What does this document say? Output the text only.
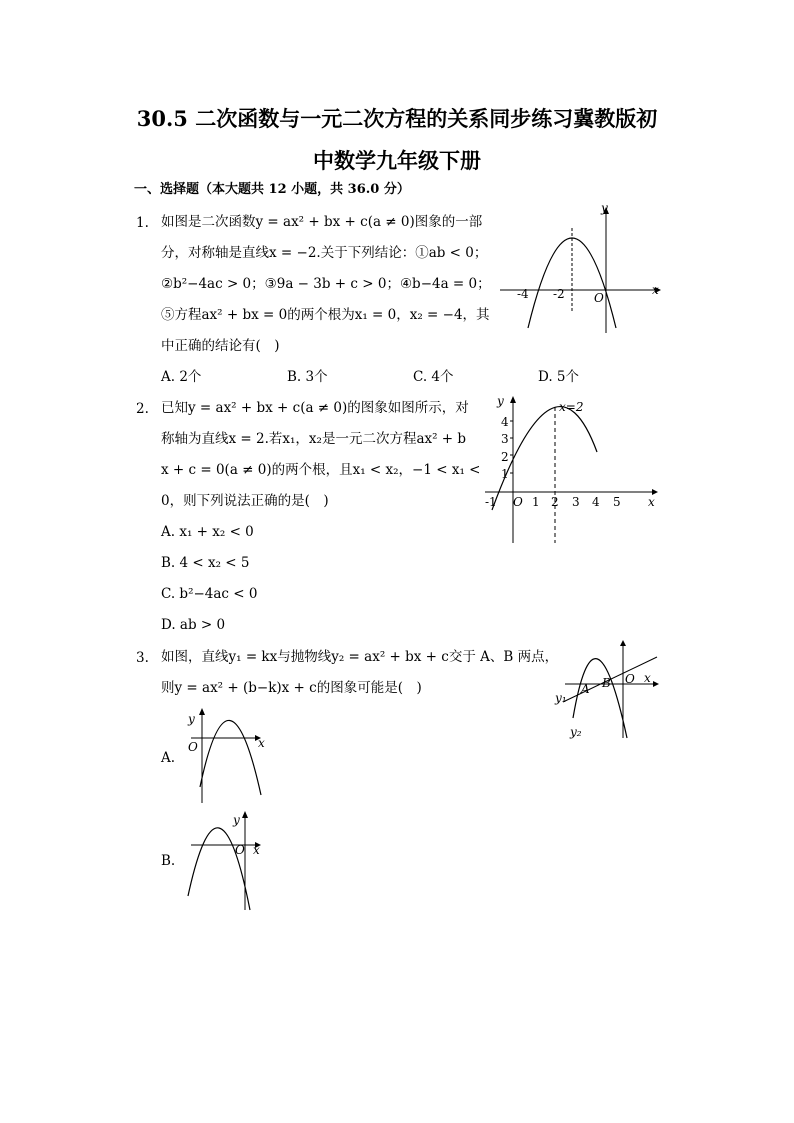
30.5 二次函数与一元二次方程的关系同步练习冀教版初
中数学九年级下册
一、选择题（本大题共 12 小题，共 36.0 分）
1. 如图是二次函数y = ax² + bx + c(a ≠ 0)图象的一部
分，对称轴是直线x = −2.关于下列结论：①ab < 0；
②b²−4ac > 0；③9a − 3b + c > 0；④b−4a = 0；
⑤方程ax² + bx = 0的两个根为x₁ = 0，x₂ = −4，其
中正确的结论有(　)
A. 2个	B. 3个	C. 4个	D. 5个
y
x
O
-4 -2
2. 已知y = ax² + bx + c(a ≠ 0)的图象如图所示，对
称轴为直线x = 2.若x₁，x₂是一元二次方程ax² + b
x + c = 0(a ≠ 0)的两个根，且x₁ < x₂，−1 < x₁ <
0，则下列说法正确的是(　)
A. x₁ + x₂ < 0
B. 4 < x₂ < 5
C. b²−4ac < 0
D. ab > 0
y
x
O
x=2
-1	1 2 3 4 5
1
2
3
4
3. 如图，直线y₁ = kx与抛物线y₂ = ax² + bx + c交于 A、B 两点，
则y = ax² + (b−k)x + c的图象可能是(　)	A B O x
y₁
y₂
A.
y
x
O
B.
y
x
O
